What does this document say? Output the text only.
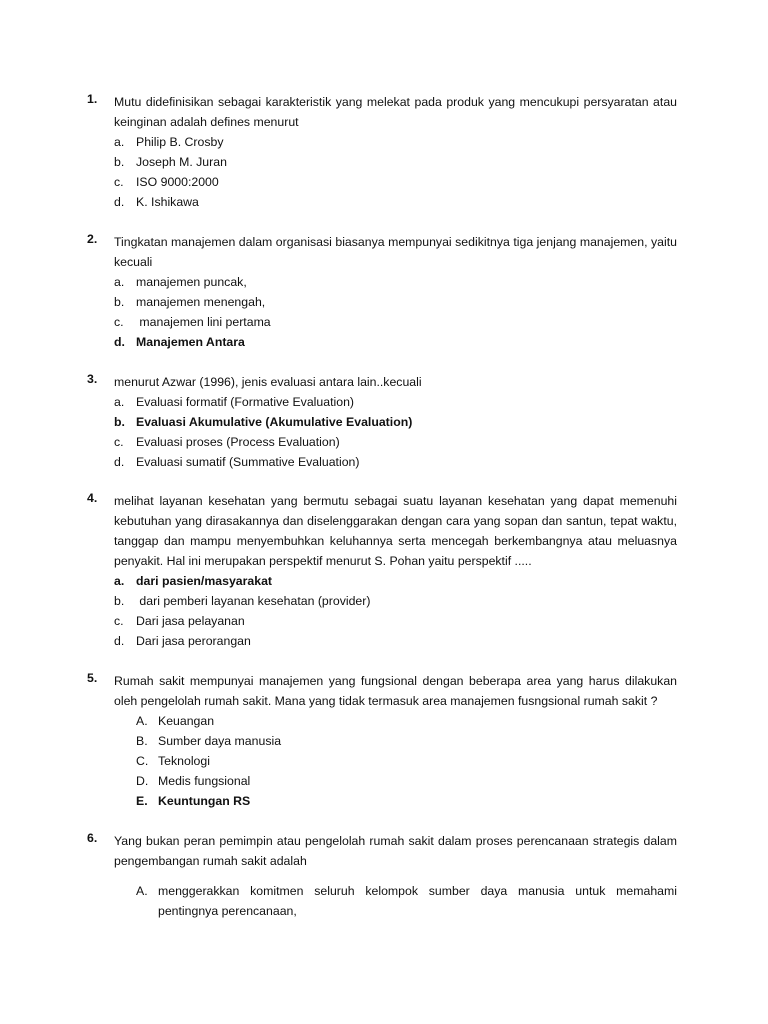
1. Mutu didefinisikan sebagai karakteristik yang melekat pada produk yang mencukupi persyaratan atau keinginan adalah defines menurut
a. Philip B. Crosby
b. Joseph M. Juran
c. ISO 9000:2000
d. K. Ishikawa
2. Tingkatan manajemen dalam organisasi biasanya mempunyai sedikitnya tiga jenjang manajemen, yaitu kecuali
a. manajemen puncak,
b. manajemen menengah,
c. manajemen lini pertama
d. Manajemen Antara
3. menurut Azwar (1996), jenis evaluasi antara lain..kecuali
a. Evaluasi formatif (Formative Evaluation)
b. Evaluasi Akumulative (Akumulative Evaluation)
c. Evaluasi proses (Process Evaluation)
d. Evaluasi sumatif (Summative Evaluation)
4. melihat layanan kesehatan yang bermutu sebagai suatu layanan kesehatan yang dapat memenuhi kebutuhan yang dirasakannya dan diselenggarakan dengan cara yang sopan dan santun, tepat waktu, tanggap dan mampu menyembuhkan keluhannya serta mencegah berkembangnya atau meluasnya penyakit. Hal ini merupakan perspektif menurut S. Pohan yaitu perspektif .....
a. dari pasien/masyarakat
b. dari pemberi layanan kesehatan (provider)
c. Dari jasa pelayanan
d. Dari jasa perorangan
5. Rumah sakit mempunyai manajemen yang fungsional dengan beberapa area yang harus dilakukan oleh pengelolah rumah sakit. Mana yang tidak termasuk area manajemen fusngsional rumah sakit ?
A. Keuangan
B. Sumber daya manusia
C. Teknologi
D. Medis fungsional
E. Keuntungan RS
6. Yang bukan peran pemimpin atau pengelolah rumah sakit dalam proses perencanaan strategis dalam pengembangan rumah sakit adalah
A. menggerakkan komitmen seluruh kelompok sumber daya manusia untuk memahami pentingnya perencanaan,
